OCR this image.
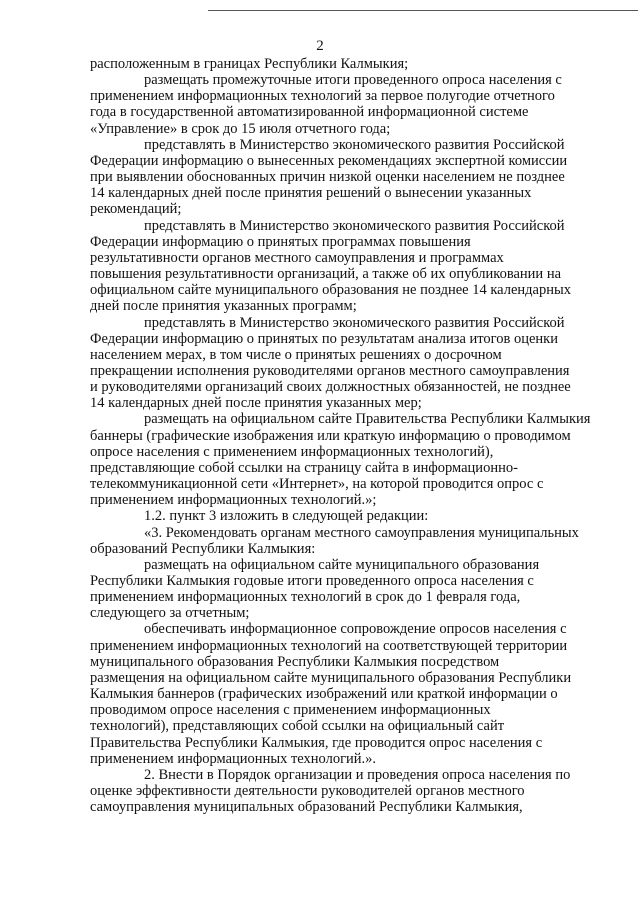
2
расположенным в границах Республики Калмыкия;
размещать промежуточные итоги проведенного опроса населения с
применением информационных технологий за первое полугодие отчетного
года в государственной автоматизированной информационной системе
«Управление» в срок до 15 июля отчетного года;
представлять в Министерство экономического развития Российской
Федерации информацию о вынесенных рекомендациях экспертной комиссии
при выявлении обоснованных причин низкой оценки населением не позднее
14 календарных дней после принятия решений о вынесении указанных
рекомендаций;
представлять в Министерство экономического развития Российской
Федерации информацию о принятых программах повышения
результативности органов местного самоуправления и программах
повышения результативности организаций, а также об их опубликовании на
официальном сайте муниципального образования не позднее 14 календарных
дней после принятия указанных программ;
представлять в Министерство экономического развития Российской
Федерации информацию о принятых по результатам анализа итогов оценки
населением мерах, в том числе о принятых решениях о досрочном
прекращении исполнения руководителями органов местного самоуправления
и руководителями организаций своих должностных обязанностей, не позднее
14 календарных дней после принятия указанных мер;
размещать на официальном сайте Правительства Республики Калмыкия
баннеры (графические изображения или краткую информацию о проводимом
опросе населения с применением информационных технологий),
представляющие собой ссылки на страницу сайта в информационно-
телекоммуникационной сети «Интернет», на которой проводится опрос с
применением информационных технологий.»;
1.2. пункт 3 изложить в следующей редакции:
«3. Рекомендовать органам местного самоуправления муниципальных
образований Республики Калмыкия:
размещать на официальном сайте муниципального образования
Республики Калмыкия годовые итоги проведенного опроса населения с
применением информационных технологий в срок до 1 февраля года,
следующего за отчетным;
обеспечивать информационное сопровождение опросов населения с
применением информационных технологий на соответствующей территории
муниципального образования Республики Калмыкия посредством
размещения на официальном сайте муниципального образования Республики
Калмыкия баннеров (графических изображений или краткой информации о
проводимом опросе населения с применением информационных
технологий), представляющих собой ссылки на официальный сайт
Правительства Республики Калмыкия, где проводится опрос населения с
применением информационных технологий.».
2. Внести в Порядок организации и проведения опроса населения по
оценке эффективности деятельности руководителей органов местного
самоуправления муниципальных образований Республики Калмыкия,
